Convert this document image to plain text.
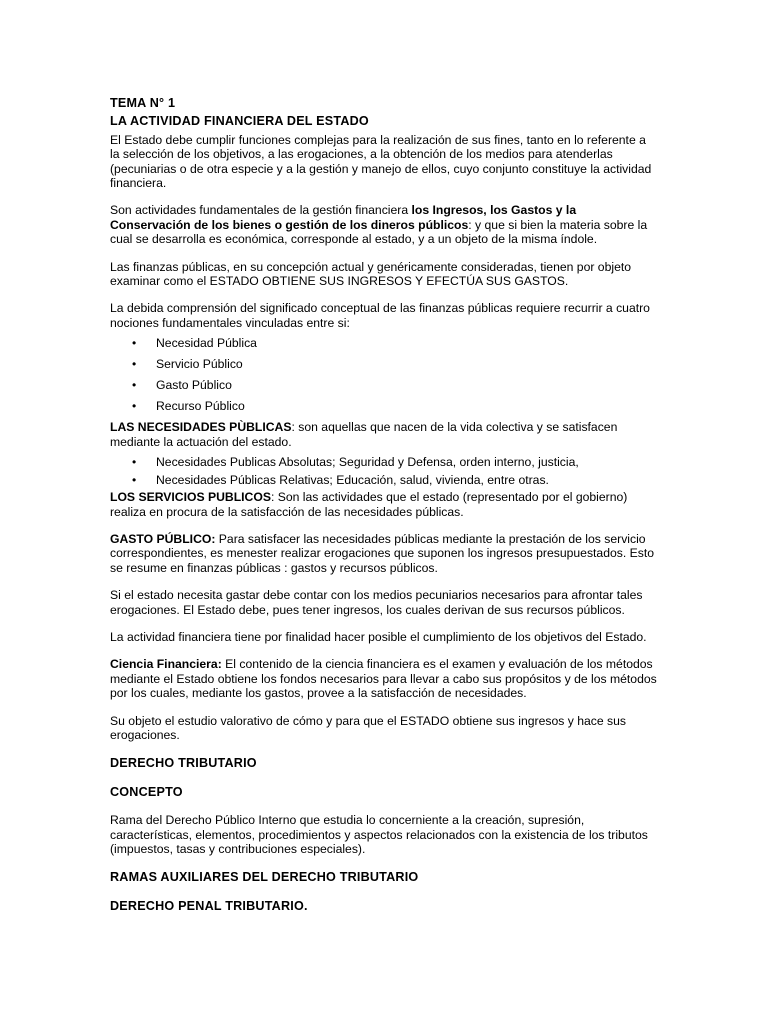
TEMA N° 1

LA ACTIVIDAD FINANCIERA DEL ESTADO

El Estado debe cumplir funciones complejas para la realización de sus fines, tanto en lo referente a la selección de los objetivos, a las erogaciones, a la obtención de los medios para atenderlas (pecuniarias o de otra especie y a la gestión y manejo de ellos, cuyo conjunto constituye la actividad financiera.

Son actividades fundamentales de la gestión financiera los Ingresos, los Gastos y la Conservación de los bienes o gestión de los dineros públicos: y que si bien la materia sobre la cual se desarrolla es económica, corresponde al estado, y a un objeto de la misma índole.

Las finanzas públicas, en su concepción actual y genéricamente consideradas, tienen por objeto examinar como el ESTADO OBTIENE SUS INGRESOS Y EFECTÚA SUS GASTOS.

La debida comprensión del significado conceptual de las finanzas públicas requiere recurrir a cuatro nociones fundamentales vinculadas entre si:

• Necesidad Pública
• Servicio Público
• Gasto Público
• Recurso Público

LAS NECESIDADES PÙBLICAS: son aquellas que nacen de la vida colectiva y se satisfacen mediante la actuación del estado.

• Necesidades Publicas Absolutas; Seguridad y Defensa, orden interno, justicia,
• Necesidades Públicas Relativas; Educación, salud, vivienda, entre otras.

LOS SERVICIOS PUBLICOS: Son las actividades que el estado (representado por el gobierno) realiza en procura de la satisfacción de las necesidades públicas.

GASTO PÚBLICO: Para satisfacer las necesidades públicas mediante la prestación de los servicio correspondientes, es menester realizar erogaciones que suponen los ingresos presupuestados. Esto se resume en finanzas públicas : gastos y recursos públicos.

Si el estado necesita gastar debe contar con los medios pecuniarios necesarios para afrontar tales erogaciones. El Estado debe, pues tener ingresos, los cuales derivan de sus recursos públicos.

La actividad financiera tiene por finalidad hacer posible el cumplimiento de los objetivos del Estado.

Ciencia Financiera: El contenido de la ciencia financiera es el examen y evaluación de los métodos mediante el Estado obtiene los fondos necesarios para llevar a cabo sus propósitos y de los métodos por los cuales, mediante los gastos, provee a la satisfacción de necesidades.

Su objeto el estudio valorativo de cómo y para que el ESTADO obtiene sus ingresos y hace sus erogaciones.

DERECHO TRIBUTARIO

CONCEPTO

Rama del Derecho Público Interno que estudia lo concerniente a la creación, supresión, características, elementos, procedimientos y aspectos relacionados con la existencia de los tributos (impuestos, tasas y contribuciones especiales).

RAMAS AUXILIARES DEL DERECHO TRIBUTARIO

DERECHO PENAL TRIBUTARIO.
